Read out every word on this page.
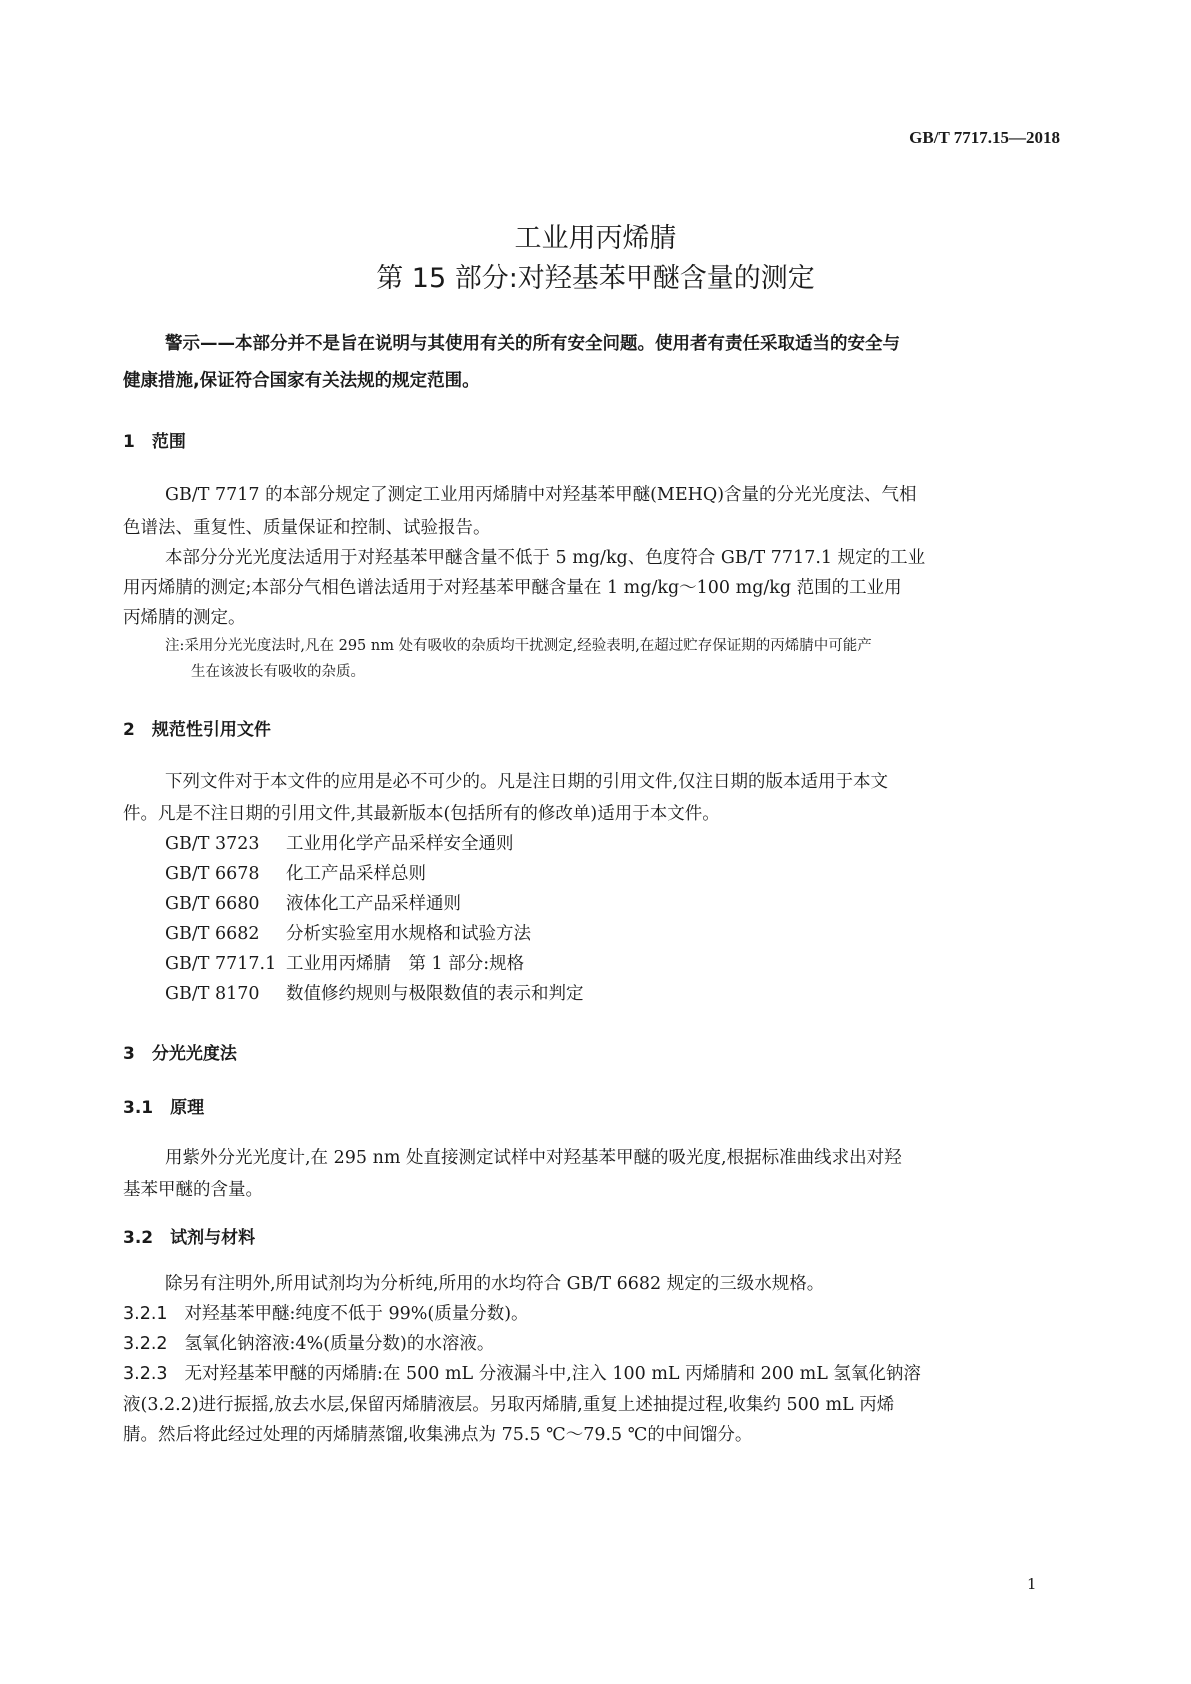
GB/T 7717.15—2018
工业用丙烯腈
第 15 部分:对羟基苯甲醚含量的测定
警示——本部分并不是旨在说明与其使用有关的所有安全问题。使用者有责任采取适当的安全与
健康措施,保证符合国家有关法规的规定范围。
1　范围
GB/T 7717 的本部分规定了测定工业用丙烯腈中对羟基苯甲醚(MEHQ)含量的分光光度法、气相
色谱法、重复性、质量保证和控制、试验报告。
本部分分光光度法适用于对羟基苯甲醚含量不低于 5 mg/kg、色度符合 GB/T 7717.1 规定的工业
用丙烯腈的测定;本部分气相色谱法适用于对羟基苯甲醚含量在 1 mg/kg～100 mg/kg 范围的工业用
丙烯腈的测定。
注:采用分光光度法时,凡在 295 nm 处有吸收的杂质均干扰测定,经验表明,在超过贮存保证期的丙烯腈中可能产
生在该波长有吸收的杂质。
2　规范性引用文件
下列文件对于本文件的应用是必不可少的。凡是注日期的引用文件,仅注日期的版本适用于本文
件。凡是不注日期的引用文件,其最新版本(包括所有的修改单)适用于本文件。
GB/T 3723 工业用化学产品采样安全通则
GB/T 6678 化工产品采样总则
GB/T 6680 液体化工产品采样通则
GB/T 6682 分析实验室用水规格和试验方法
GB/T 7717.1 工业用丙烯腈　第 1 部分:规格
GB/T 8170 数值修约规则与极限数值的表示和判定
3　分光光度法
3.1　原理
用紫外分光光度计,在 295 nm 处直接测定试样中对羟基苯甲醚的吸光度,根据标准曲线求出对羟
基苯甲醚的含量。
3.2　试剂与材料
除另有注明外,所用试剂均为分析纯,所用的水均符合 GB/T 6682 规定的三级水规格。
3.2.1 对羟基苯甲醚:纯度不低于 99%(质量分数)。
3.2.2 氢氧化钠溶液:4%(质量分数)的水溶液。
3.2.3 无对羟基苯甲醚的丙烯腈:在 500 mL 分液漏斗中,注入 100 mL 丙烯腈和 200 mL 氢氧化钠溶
液(3.2.2)进行振摇,放去水层,保留丙烯腈液层。另取丙烯腈,重复上述抽提过程,收集约 500 mL 丙烯
腈。然后将此经过处理的丙烯腈蒸馏,收集沸点为 75.5 ℃～79.5 ℃的中间馏分。
1
